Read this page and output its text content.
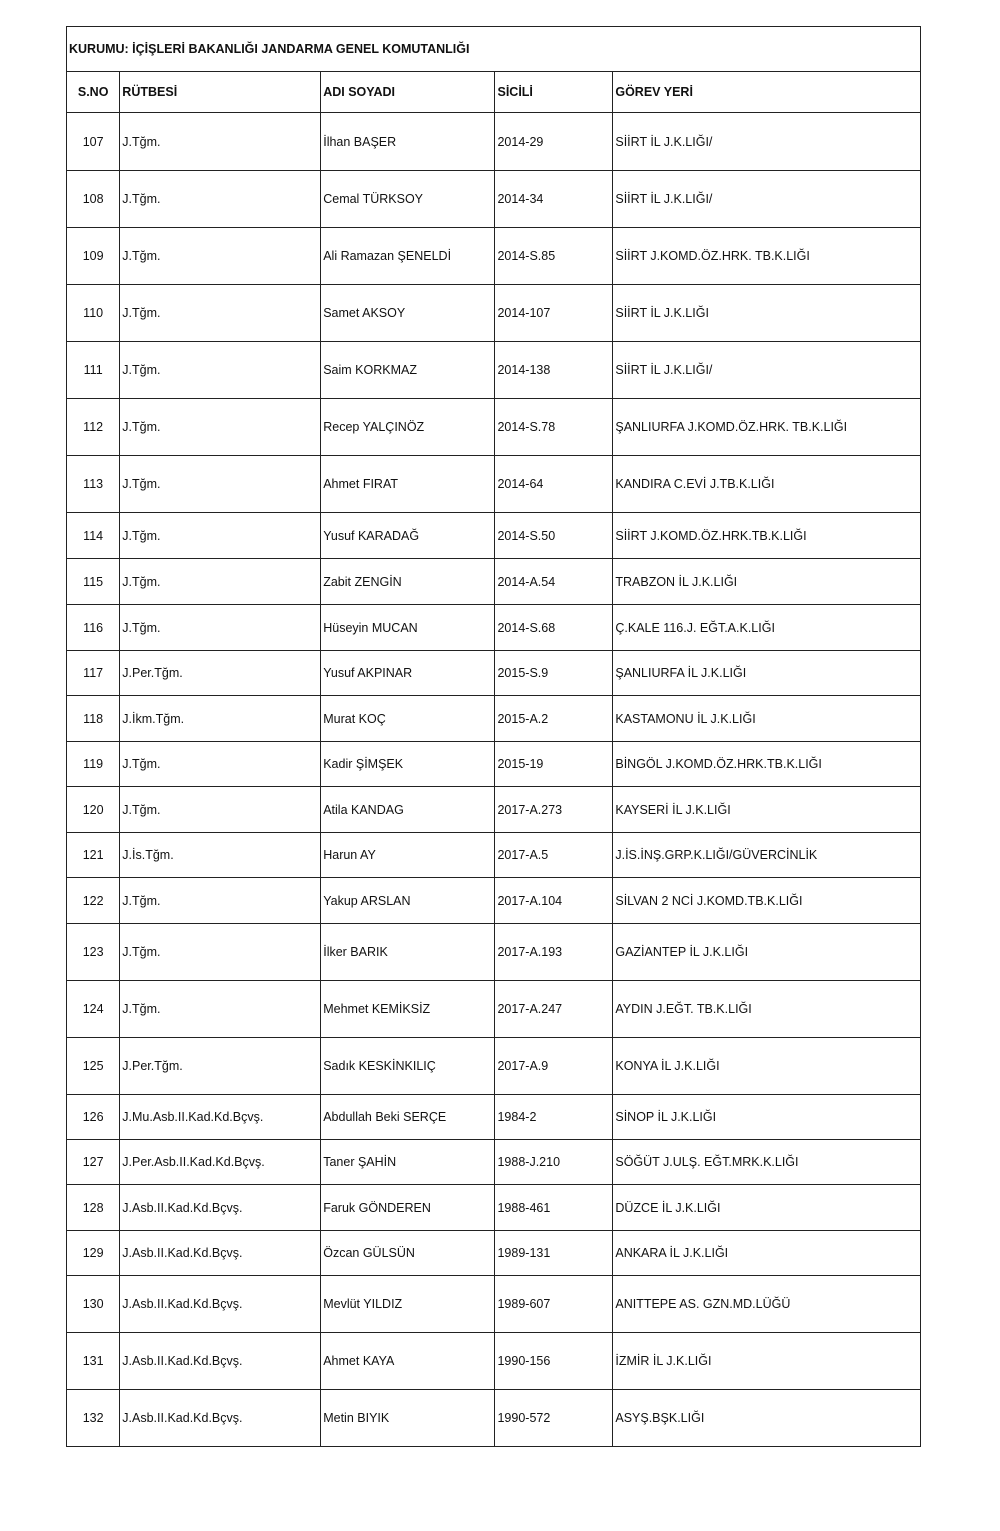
KURUMU: İÇİŞLERİ BAKANLIĞI JANDARMA GENEL KOMUTANLIĞI				
S.NO	RÜTBESİ	ADI SOYADI	SİCİLİ	GÖREV YERİ
107	J.Tğm.	İlhan BAŞER	2014-29	SİİRT İL J.K.LIĞI/
108	J.Tğm.	Cemal TÜRKSOY	2014-34	SİİRT İL J.K.LIĞI/
109	J.Tğm.	Ali Ramazan ŞENELDİ	2014-S.85	SİİRT J.KOMD.ÖZ.HRK. TB.K.LIĞI
110	J.Tğm.	Samet AKSOY	2014-107	SİİRT İL J.K.LIĞI
111	J.Tğm.	Saim KORKMAZ	2014-138	SİİRT İL J.K.LIĞI/
112	J.Tğm.	Recep YALÇINÖZ	2014-S.78	ŞANLIURFA J.KOMD.ÖZ.HRK. TB.K.LIĞI
113	J.Tğm.	Ahmet FIRAT	2014-64	KANDIRA C.EVİ J.TB.K.LIĞI
114	J.Tğm.	Yusuf KARADAĞ	2014-S.50	SİİRT J.KOMD.ÖZ.HRK.TB.K.LIĞI
115	J.Tğm.	Zabit ZENGİN	2014-A.54	TRABZON İL J.K.LIĞI
116	J.Tğm.	Hüseyin MUCAN	2014-S.68	Ç.KALE 116.J. EĞT.A.K.LIĞI
117	J.Per.Tğm.	Yusuf AKPINAR	2015-S.9	ŞANLIURFA İL J.K.LIĞI
118	J.İkm.Tğm.	Murat KOÇ	2015-A.2	KASTAMONU İL J.K.LIĞI
119	J.Tğm.	Kadir ŞİMŞEK	2015-19	BİNGÖL J.KOMD.ÖZ.HRK.TB.K.LIĞI
120	J.Tğm.	Atila KANDAG	2017-A.273	KAYSERİ İL J.K.LIĞI
121	J.İs.Tğm.	Harun AY	2017-A.5	J.İS.İNŞ.GRP.K.LIĞI/GÜVERCİNLİK
122	J.Tğm.	Yakup ARSLAN	2017-A.104	SİLVAN 2 NCİ J.KOMD.TB.K.LIĞI
123	J.Tğm.	İlker BARIK	2017-A.193	GAZİANTEP İL J.K.LIĞI
124	J.Tğm.	Mehmet KEMİKSİZ	2017-A.247	AYDIN J.EĞT. TB.K.LIĞI
125	J.Per.Tğm.	Sadık KESKİNKILIÇ	2017-A.9	KONYA İL J.K.LIĞI
126	J.Mu.Asb.II.Kad.Kd.Bçvş.	Abdullah Beki SERÇE	1984-2	SİNOP İL J.K.LIĞI
127	J.Per.Asb.II.Kad.Kd.Bçvş.	Taner ŞAHİN	1988-J.210	SÖĞÜT J.ULŞ. EĞT.MRK.K.LIĞI
128	J.Asb.II.Kad.Kd.Bçvş.	Faruk GÖNDEREN	1988-461	DÜZCE İL J.K.LIĞI
129	J.Asb.II.Kad.Kd.Bçvş.	Özcan GÜLSÜN	1989-131	ANKARA İL J.K.LIĞI
130	J.Asb.II.Kad.Kd.Bçvş.	Mevlüt YILDIZ	1989-607	ANITTEPE AS. GZN.MD.LÜĞÜ
131	J.Asb.II.Kad.Kd.Bçvş.	Ahmet KAYA	1990-156	İZMİR İL J.K.LIĞI
132	J.Asb.II.Kad.Kd.Bçvş.	Metin BIYIK	1990-572	ASYŞ.BŞK.LIĞI
